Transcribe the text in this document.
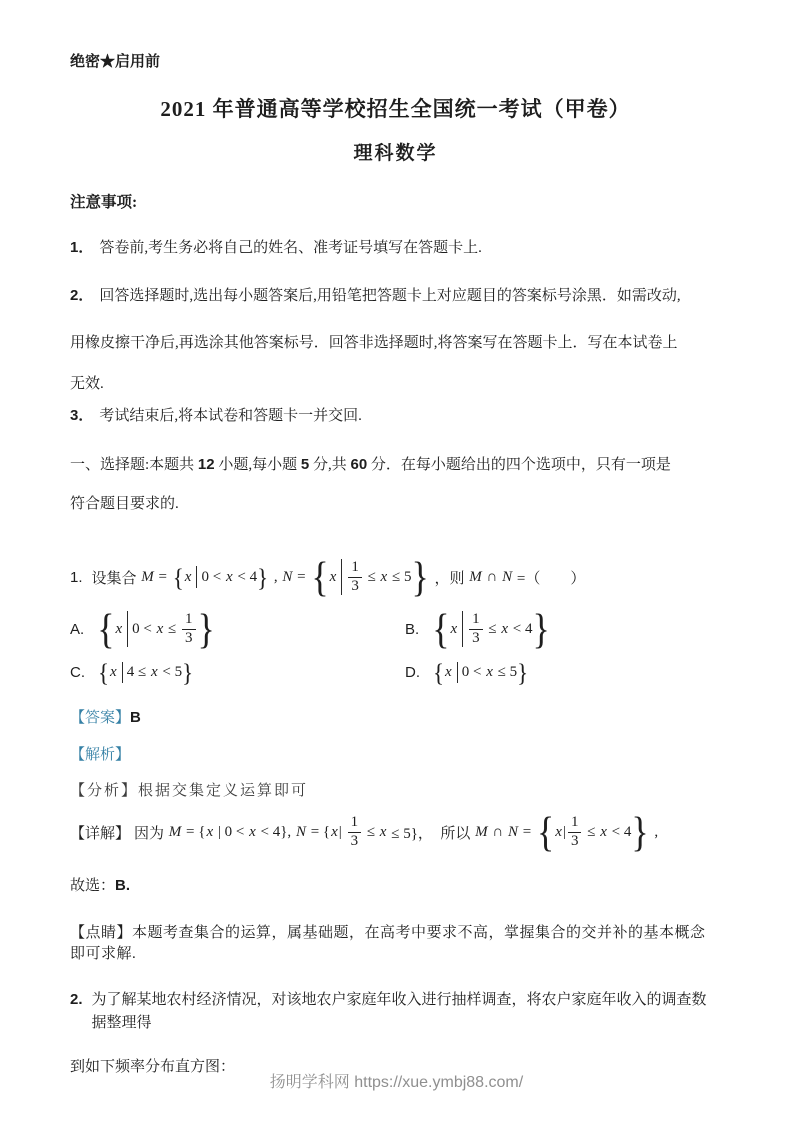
绝密★启用前
2021 年普通高等学校招生全国统一考试（甲卷）
理科数学
注意事项:

1． 答卷前,考生务必将自己的姓名、准考证号填写在答题卡上.

2． 回答选择题时,选出每小题答案后,用铅笔把答题卡上对应题目的答案标号涂黑．如需改动,

用橡皮擦干净后,再选涂其他答案标号．回答非选择题时,将答案写在答题卡上．写在本试卷上

无效.

3． 考试结束后,将本试卷和答题卡一并交回.

一、选择题:本题共 12 小题,每小题 5 分,共 60 分．在每小题给出的四个选项中，只有一项是

符合题目要求的.

1. 设集合 M = { x 0 < x < 4 } , N = { x $\frac{1}{3} \le x \le 5$ } ，则 M ∩ N =（　　）
A. { x $0 < x \le \frac{1}{3}$ }	B. { x $\frac{1}{3} \le x < 4$ }
C. { x 4 ≤ x < 5 }	D. { x 0 < x ≤ 5 }

【答案】B

【解析】

【分析】根据交集定义运算即可

【详解】 因为 M = { x | 0 < x < 4}, N = { x | $\frac{1}{3} \le x \le 5$}，  所以 M ∩ N = { x | $\frac{1}{3} \le x < 4$ } ,

故选：B.

【点睛】本题考查集合的运算，属基础题，在高考中要求不高，掌握集合的交并补的基本概念即可求解.

2. 为了解某地农村经济情况，对该地农户家庭年收入进行抽样调查，将农户家庭年收入的调查数据整理得

到如下频率分布直方图：

扬明学科网 https://xue.ymbj88.com/
